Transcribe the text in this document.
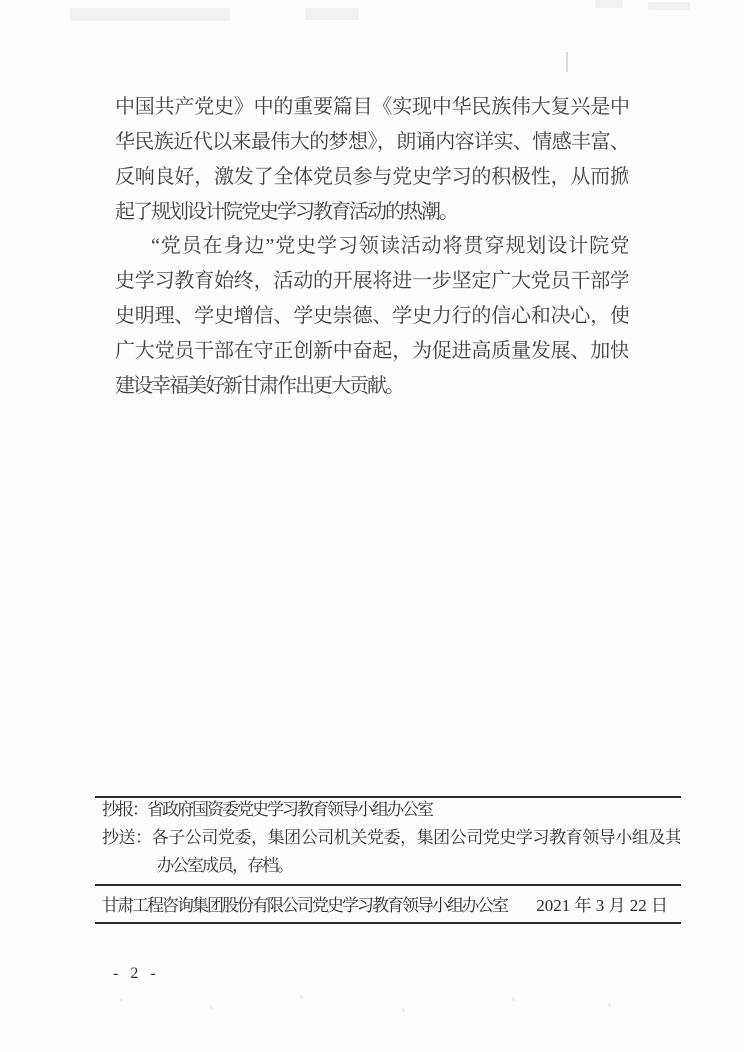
中国共产党史》中的重要篇目《实现中华民族伟大复兴是中
华民族近代以来最伟大的梦想》，朗诵内容详实、情感丰富、
反响良好，激发了全体党员参与党史学习的积极性，从而掀
起了规划设计院党史学习教育活动的热潮。
“党员在身边”党史学习领读活动将贯穿规划设计院党
史学习教育始终，活动的开展将进一步坚定广大党员干部学
史明理、学史增信、学史崇德、学史力行的信心和决心，使
广大党员干部在守正创新中奋起，为促进高质量发展、加快
建设幸福美好新甘肃作出更大贡献。
抄报：省政府国资委党史学习教育领导小组办公室
抄送：各子公司党委，集团公司机关党委，集团公司党史学习教育领导小组及其
办公室成员，存档。
甘肃工程咨询集团股份有限公司党史学习教育领导小组办公室 2021 年 3 月 22 日
- 2 -
